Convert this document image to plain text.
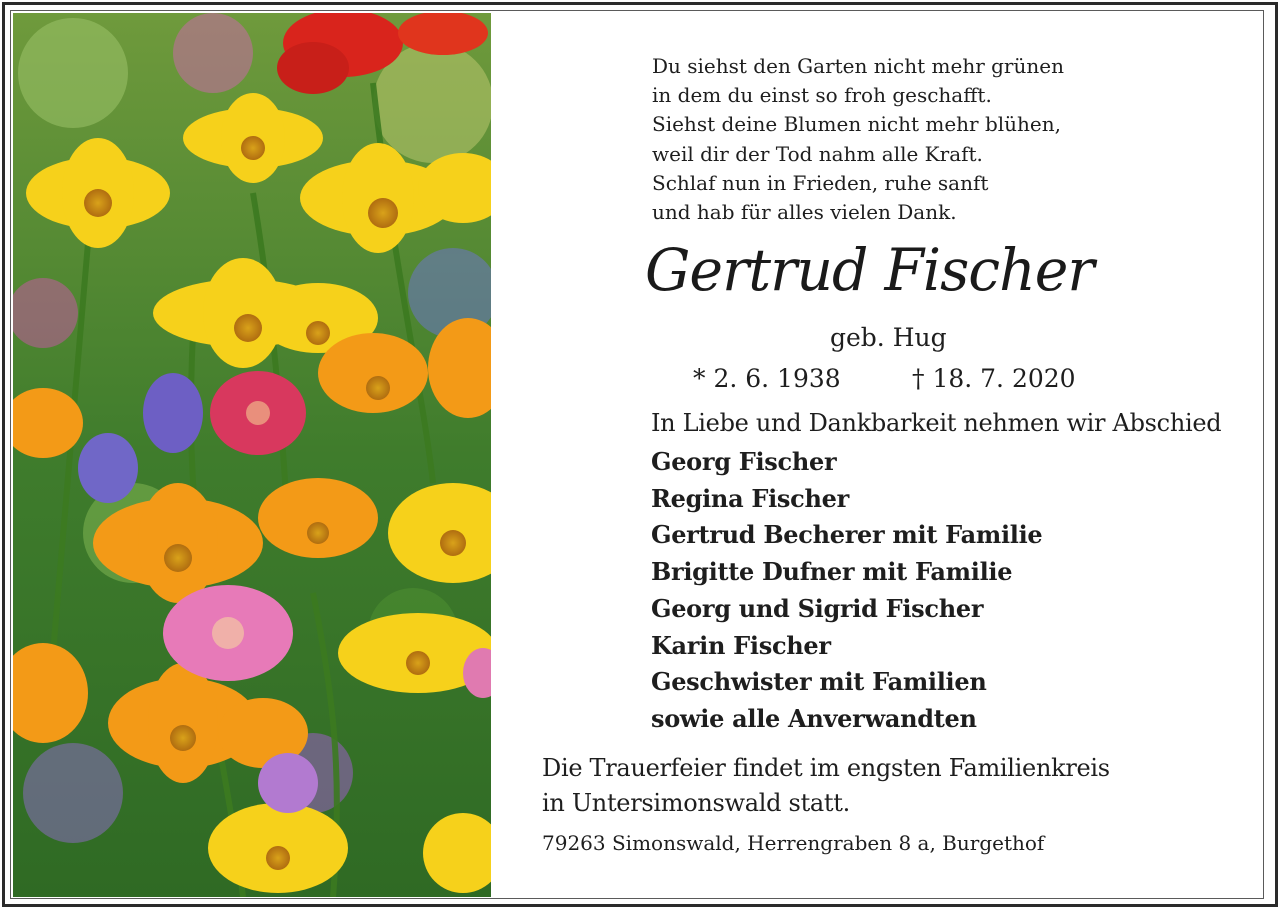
Du siehst den Garten nicht mehr grünen
in dem du einst so froh geschafft.
Siehst deine Blumen nicht mehr blühen,
weil dir der Tod nahm alle Kraft.
Schlaf nun in Frieden, ruhe sanft
und hab für alles vielen Dank.
Gertrud Fischer
geb. Hug
* 2. 6. 1938	† 18. 7. 2020
In Liebe und Dankbarkeit nehmen wir Abschied
Georg Fischer
Regina Fischer
Gertrud Becherer mit Familie
Brigitte Dufner mit Familie
Georg und Sigrid Fischer
Karin Fischer
Geschwister mit Familien
sowie alle Anverwandten
Die Trauerfeier findet im engsten Familienkreis
in Untersimonswald statt.
79263 Simonswald, Herrengraben 8 a, Burgethof
